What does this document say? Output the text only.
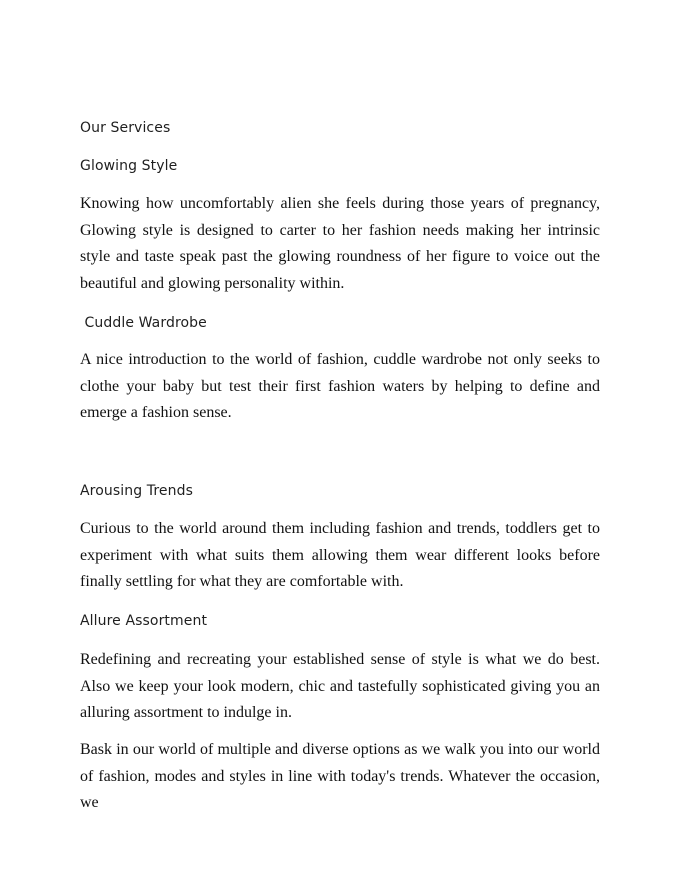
Our Services
Glowing Style
Knowing how uncomfortably alien she feels during those years of pregnancy, Glowing style is designed to carter to her fashion needs making her intrinsic style and taste speak past the glowing roundness of her figure to voice out the beautiful and glowing personality within.
Cuddle Wardrobe
A nice introduction to the world of fashion, cuddle wardrobe not only seeks to clothe your baby but test their first fashion waters by helping to define and emerge a fashion sense.
Arousing Trends
Curious to the world around them including fashion and trends, toddlers get to experiment with what suits them allowing them wear different looks before finally settling for what they are comfortable with.
Allure Assortment
Redefining and recreating your established sense of style is what we do best. Also we keep your look modern, chic and tastefully sophisticated giving you an alluring assortment to indulge in.
Bask in our world of multiple and diverse options as we walk you into our world of fashion, modes and styles in line with today's trends. Whatever the occasion, we
